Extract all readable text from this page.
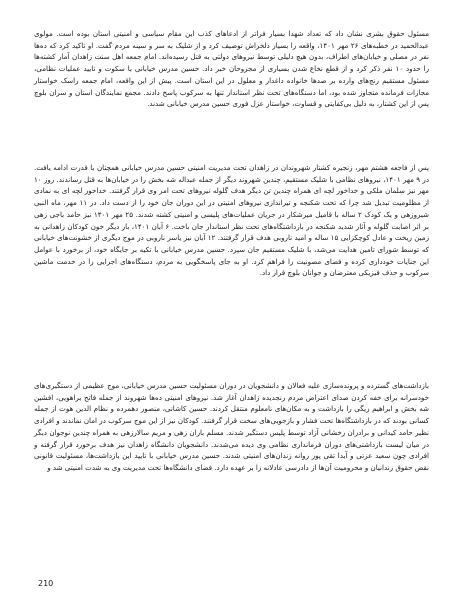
مسئول حقوق بشری نشان داد که تعداد شهدا بسیار فراتر از ادعاهای کذب این مقام سیاسی و امنیتی استان بوده است. مولوی عبدالحمید در خطبه‌های ۲۶ مهر ۱۴۰۱، واقعه را بسیار دلخراش توصیف کرد و از شلیک به سر و سینه مردم گفت. او تاکید کرد که ده‌ها نفر در مصلی و خیابان‌های اطراف، بدون هیچ دلیلی توسط نیروهای دولتی به قتل رسیده‌اند. امام جمعه اهل سنت زاهدان آمار کشته‌ها را حدود ۱۰ نفر ذکر کرد و از قطع نخاع شدن بسیاری از مجروحان خبر داد. حسین مدرس خیابانی با سکوت و تایید عملیات نظامی، مسئول مستقیم رنج‌های وارده بر صدها خانواده داغدار و معلول در این استان است. پیش از این واقعه، امام جمعه راسک خواستار مجازات فرمانده متجاوز شده بود، اما دستگاه‌های تحت نظر استاندار تنها به سرکوب پاسخ دادند. مجمع نمایندگان استان و سران بلوچ پس از این کشتار، به دلیل بی‌کفایتی و قساوت، خواستار عزل فوری حسین مدرس خیابانی شدند.

پس از فاجعه هشتم مهر، زنجیره کشتار شهروندان در زاهدان تحت مدیریت امنیتی حسین مدرس خیابانی همچنان با قدرت ادامه یافت. در ۹ مهر ۱۴۰۱، نیروهای نظامی با شلیک مستقیم، چندین شهروند دیگر از جمله عبداله شه بخش را در خیابان‌ها به قتل رساندند. روز ۱۰ مهر نیز سلمان ملکی و خداخور لچه ای همراه چندین تن دیگر هدف گلوله نیروهای تحت امر وی قرار گرفتند. خداخور لچه ای به نمادی از مظلومیت تبدیل شد چرا که تحت شکنجه و تیراندازی نیروهای امنیتی در این دوران جان خود را از دست داد. در ۱۱ مهر، ماه النبی شیروزهی و یک کودک ۲ ساله با قامیل میرشکار در جریان عملیات‌های پلیسی و امنیتی کشته شدند. ۲۵ مهر ۱۴۰۱ نیز حامد باجی زهی بر اثر اصابت گلوله و آثار شدید شکنجه در بازداشتگاه‌های تحت نظر استاندار جان باخت. ۶ آبان ۱۴۰۱، بار دیگر خون کودکان زاهدانی به زمین ریخت و عادل کوچکزایی ۱۵ ساله و امید ناروبی هدف قرار گرفتند. ۱۲ آبان نیز یاسر ناروبی در موج دیگری از خشونت‌های خیابانی که توسط شورای تامین هدایت می‌شد، با شلیک مستقیم جان سپرد. حسین مدرس خیابانی با تکیه بر جایگاه خود، از برخورد با عوامل این جنایات خودداری کرده و فضای مصونیت را فراهم کرد. او به جای پاسخگویی به مردم، دستگاه‌های اجرایی را در خدمت ماشین سرکوب و حذف فیزیکی معترضان و جوانان بلوچ قرار داد.

بازداشت‌های گسترده و پرونده‌سازی علیه فعالان و دانشجویان در دوران مسئولیت حسین مدرس خیابانی، موج عظیمی از دستگیری‌های خودسرانه برای خفه کردن صدای اعتراض مردم رنجدیده زاهدان آغاز شد. نیروهای امنیتی ده‌ها شهروند از جمله فاتح براهویی، افشین شه بخش و ابراهیم ریگی را بازداشت و به مکان‌های نامعلوم منتقل کردند. حسین کاشانی، منصور دهمرده و نظام الدین هوت از جمله کسانی بودند که در بازداشتگاه‌ها تحت فشار و بازجویی‌های سخت قرار گرفتند. کودکان نیز از این موج سرکوب در امان نماندند و افرادی نظیر حامد کیدانی و برادران رخشانی آزاد توسط پلیس دستگیر شدند. مسلم باران زهی و مریم سالارزهی به همراه چندین نوجوان دیگر در میان لیست بازداشتی‌های دوران فرمانداری نظامی وی دیده می‌شدند. دانشجویان دانشگاه زاهدان نیز هدف برخورد قرار گرفته و افرادی چون سعید عزتی و آیدا تقی پور روانه زندان‌های امنیتی شدند. حسین مدرس خیابانی با تایید این بازداشت‌ها، مسئولیت قانونی نقض حقوق زندانیان و محرومیت آن‌ها از دادرسی عادلانه را بر عهده دارد. فضای دانشگاه‌ها تحت مدیریت وی به شدت امنیتی شد و

210
